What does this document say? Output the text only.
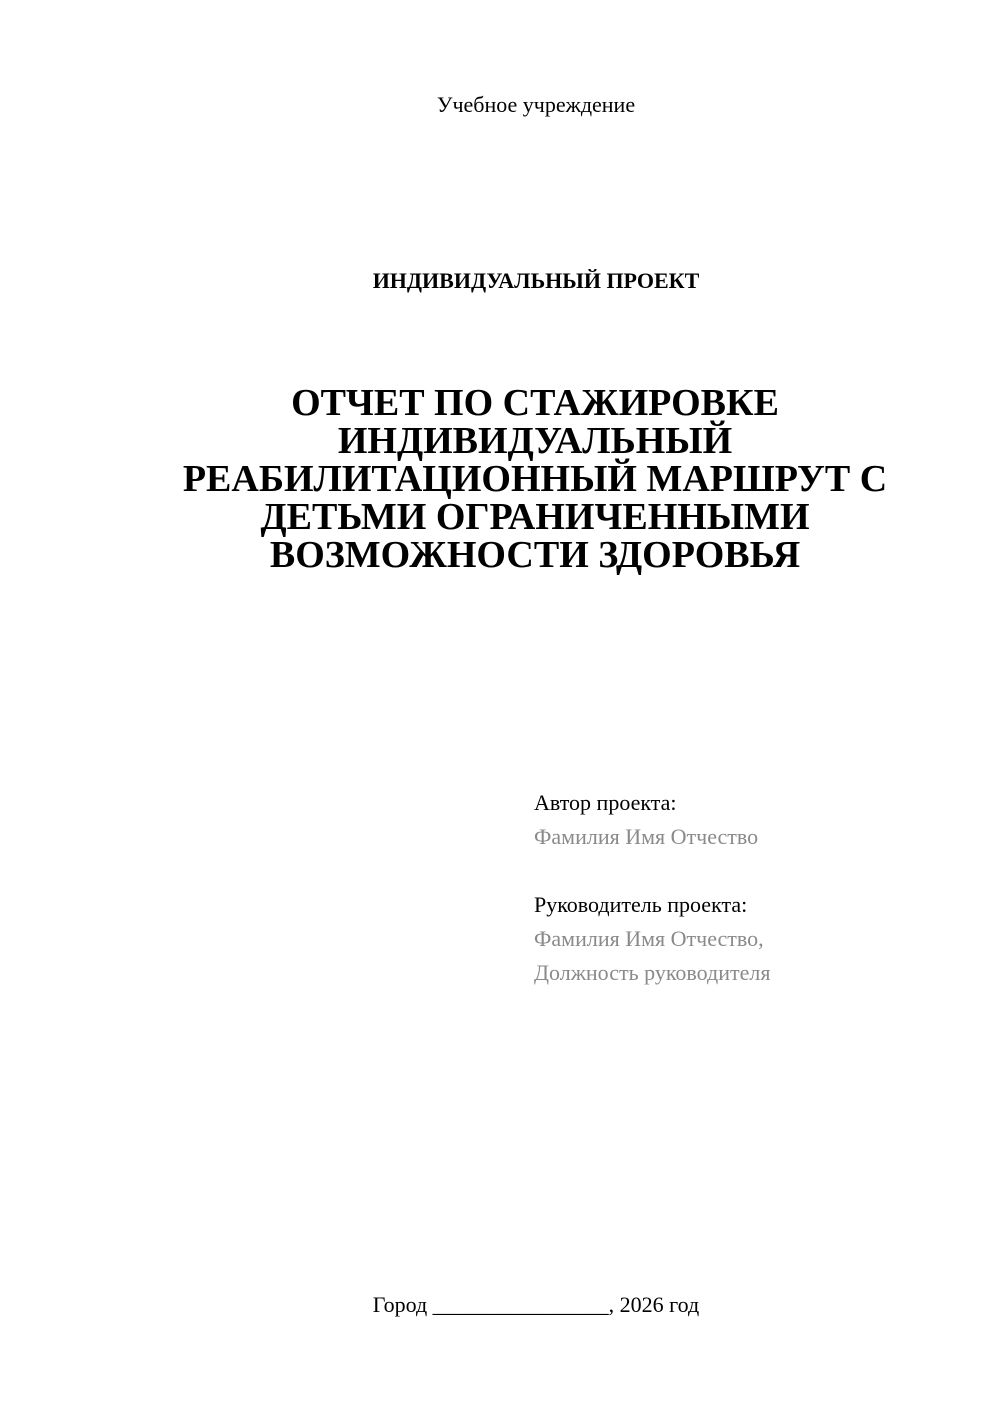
Учебное учреждение
ИНДИВИДУАЛЬНЫЙ ПРОЕКТ
ОТЧЕТ ПО СТАЖИРОВКЕ
ИНДИВИДУАЛЬНЫЙ
РЕАБИЛИТАЦИОННЫЙ МАРШРУТ С
ДЕТЬМИ ОГРАНИЧЕННЫМИ
ВОЗМОЖНОСТИ ЗДОРОВЬЯ
Автор проекта:
Фамилия Имя Отчество
Руководитель проекта:
Фамилия Имя Отчество,
Должность руководителя
Город ________________, 2026 год
